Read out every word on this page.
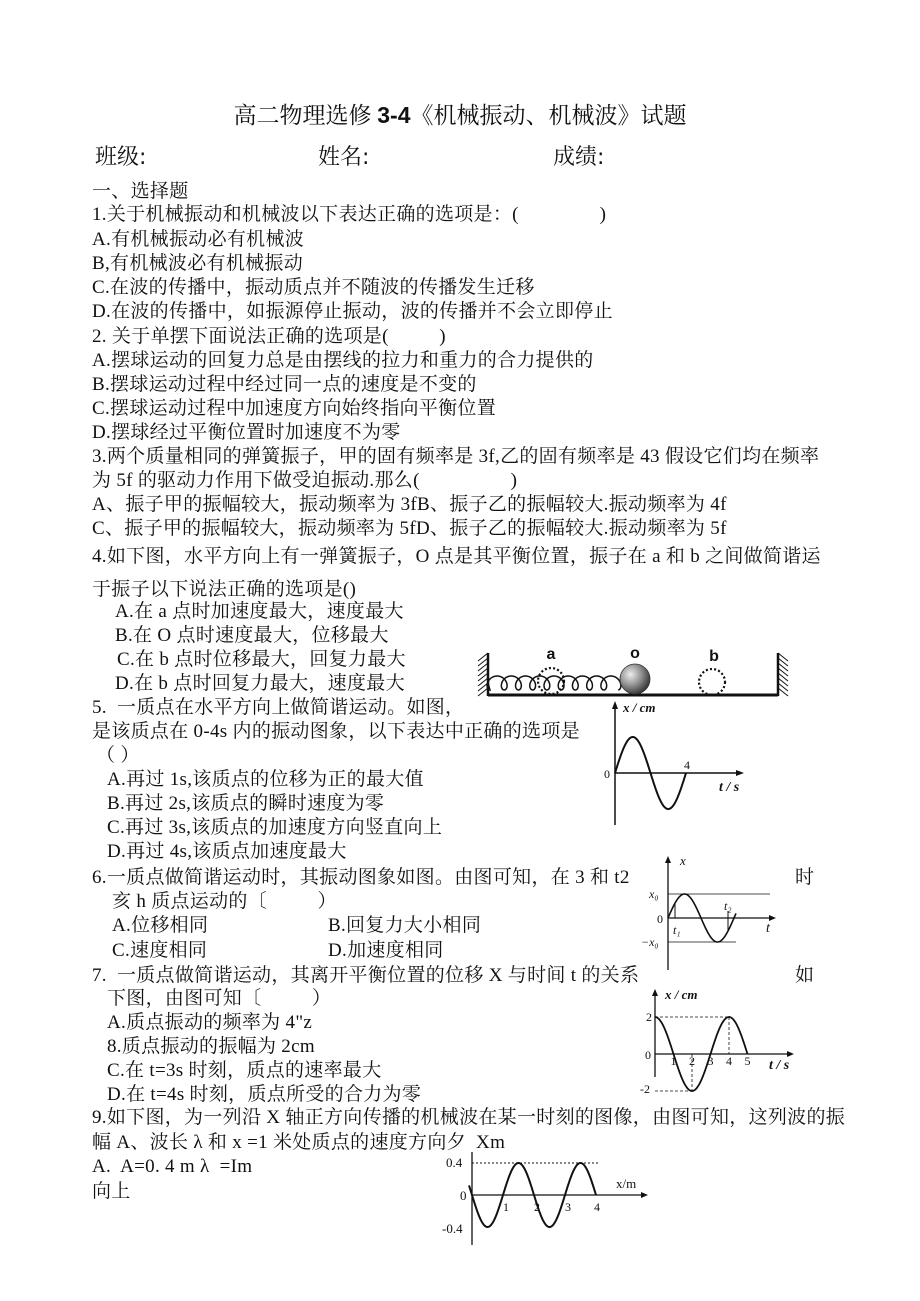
高二物理选修 3-4《机械振动、机械波》试题
班级:	姓名:	成绩:
一、选择题
1.关于机械振动和机械波以下表达正确的选项是：(                )
A.有机械振动必有机械波
B,有机械波必有机械振动
C.在波的传播中，振动质点并不随波的传播发生迁移
D.在波的传播中，如振源停止振动，波的传播并不会立即停止
2. 关于单摆下面说法正确的选项是(          )
A.摆球运动的回复力总是由摆线的拉力和重力的合力提供的
B.摆球运动过程中经过同一点的速度是不变的
C.摆球运动过程中加速度方向始终指向平衡位置
D.摆球经过平衡位置时加速度不为零
3.两个质量相同的弹簧振子，甲的固有频率是 3f,乙的固有频率是 43 假设它们均在频率
为 5f 的驱动力作用下做受迫振动.那么(                  )
A、振子甲的振幅较大，振动频率为 3fB、振子乙的振幅较大.振动频率为 4f
C、振子甲的振幅较大，振动频率为 5fD、振子乙的振幅较大.振动频率为 5f
4.如下图，水平方向上有一弹簧振子，O 点是其平衡位置，振子在 a 和 b 之间做简谐运
于振子以下说法正确的选项是()
A.在 a 点时加速度最大，速度最大
B.在 O 点时速度最大，位移最大
C.在 b 点时位移最大，回复力最大
D.在 b 点时回复力最大，速度最大
5.  一质点在水平方向上做简谐运动。如图，
是该质点在 0-4s 内的振动图象，以下表达中正确的选项是
（ ）
A.再过 1s,该质点的位移为正的最大值
B.再过 2s,该质点的瞬时速度为零
C.再过 3s,该质点的加速度方向竖直向上
D.再过 4s,该质点加速度最大
6.一质点做简谐运动时，其振动图象如图。由图可知，在 3 和 t2	时
亥 h 质点运动的〔          ）
A.位移相同	B.回复力大小相同
C.速度相同	D.加速度相同
7.  一质点做简谐运动，其离开平衡位置的位移 X 与时间 t 的关系	如
下图，由图可知〔          ）
A.质点振动的频率为 4"z
8.质点振动的振幅为 2cm
C.在 t=3s 时刻，质点的速率最大
D.在 t=4s 时刻，质点所受的合力为零
9.如下图，为一列沿 X 轴正方向传播的机械波在某一时刻的图像，由图可知，这列波的振
幅 A、波长 λ 和 x =1 米处质点的速度方向夕  Xm
A.  A=0. 4 m λ  =Im
向上
a	o	b
x / cm
0
4
t / s
x
t
x₀
0
−x₀
t₁
t₂
x / cm
2
0
-2
1 2 3 4 5 t / s
0.4
0
-0.4
1 2 3 4
x/m
